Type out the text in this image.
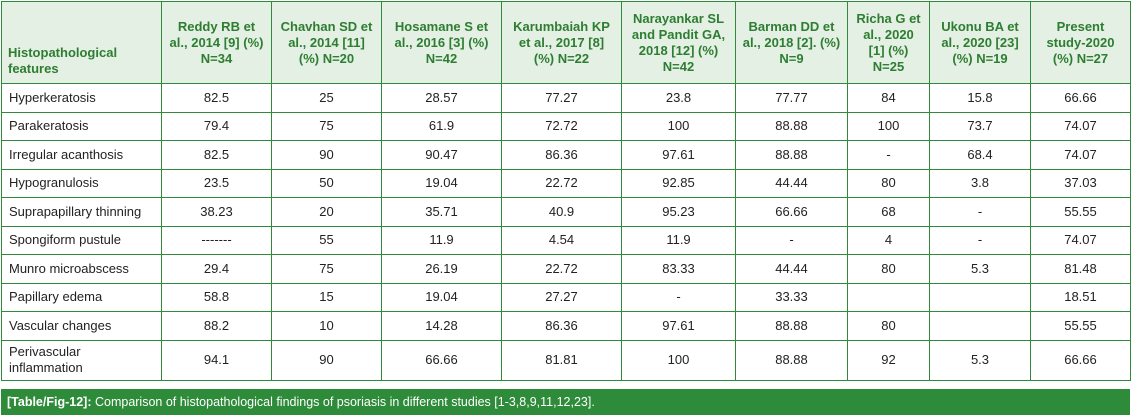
Histopathological features	Reddy RB et al., 2014 [9] (%) N=34	Chavhan SD et al., 2014 [11] (%) N=20	Hosamane S et al., 2016 [3] (%) N=42	Karumbaiah KP et al., 2017 [8] (%) N=22	Narayankar SL and Pandit GA, 2018 [12] (%) N=42	Barman DD et al., 2018 [2]. (%) N=9	Richa G et al., 2020 [1] (%) N=25	Ukonu BA et al., 2020 [23] (%) N=19	Present study-2020 (%) N=27
Hyperkeratosis	82.5	25	28.57	77.27	23.8	77.77	84	15.8	66.66
Parakeratosis	79.4	75	61.9	72.72	100	88.88	100	73.7	74.07
Irregular acanthosis	82.5	90	90.47	86.36	97.61	88.88	-	68.4	74.07
Hypogranulosis	23.5	50	19.04	22.72	92.85	44.44	80	3.8	37.03
Suprapapillary thinning	38.23	20	35.71	40.9	95.23	66.66	68	-	55.55
Spongiform pustule	-------	55	11.9	4.54	11.9	-	4	-	74.07
Munro microabscess	29.4	75	26.19	22.72	83.33	44.44	80	5.3	81.48
Papillary edema	58.8	15	19.04	27.27	-	33.33			18.51
Vascular changes	88.2	10	14.28	86.36	97.61	88.88	80		55.55
Perivascular inflammation	94.1	90	66.66	81.81	100	88.88	92	5.3	66.66
[Table/Fig-12]: Comparison of histopathological findings of psoriasis in different studies [1-3,8,9,11,12,23].
